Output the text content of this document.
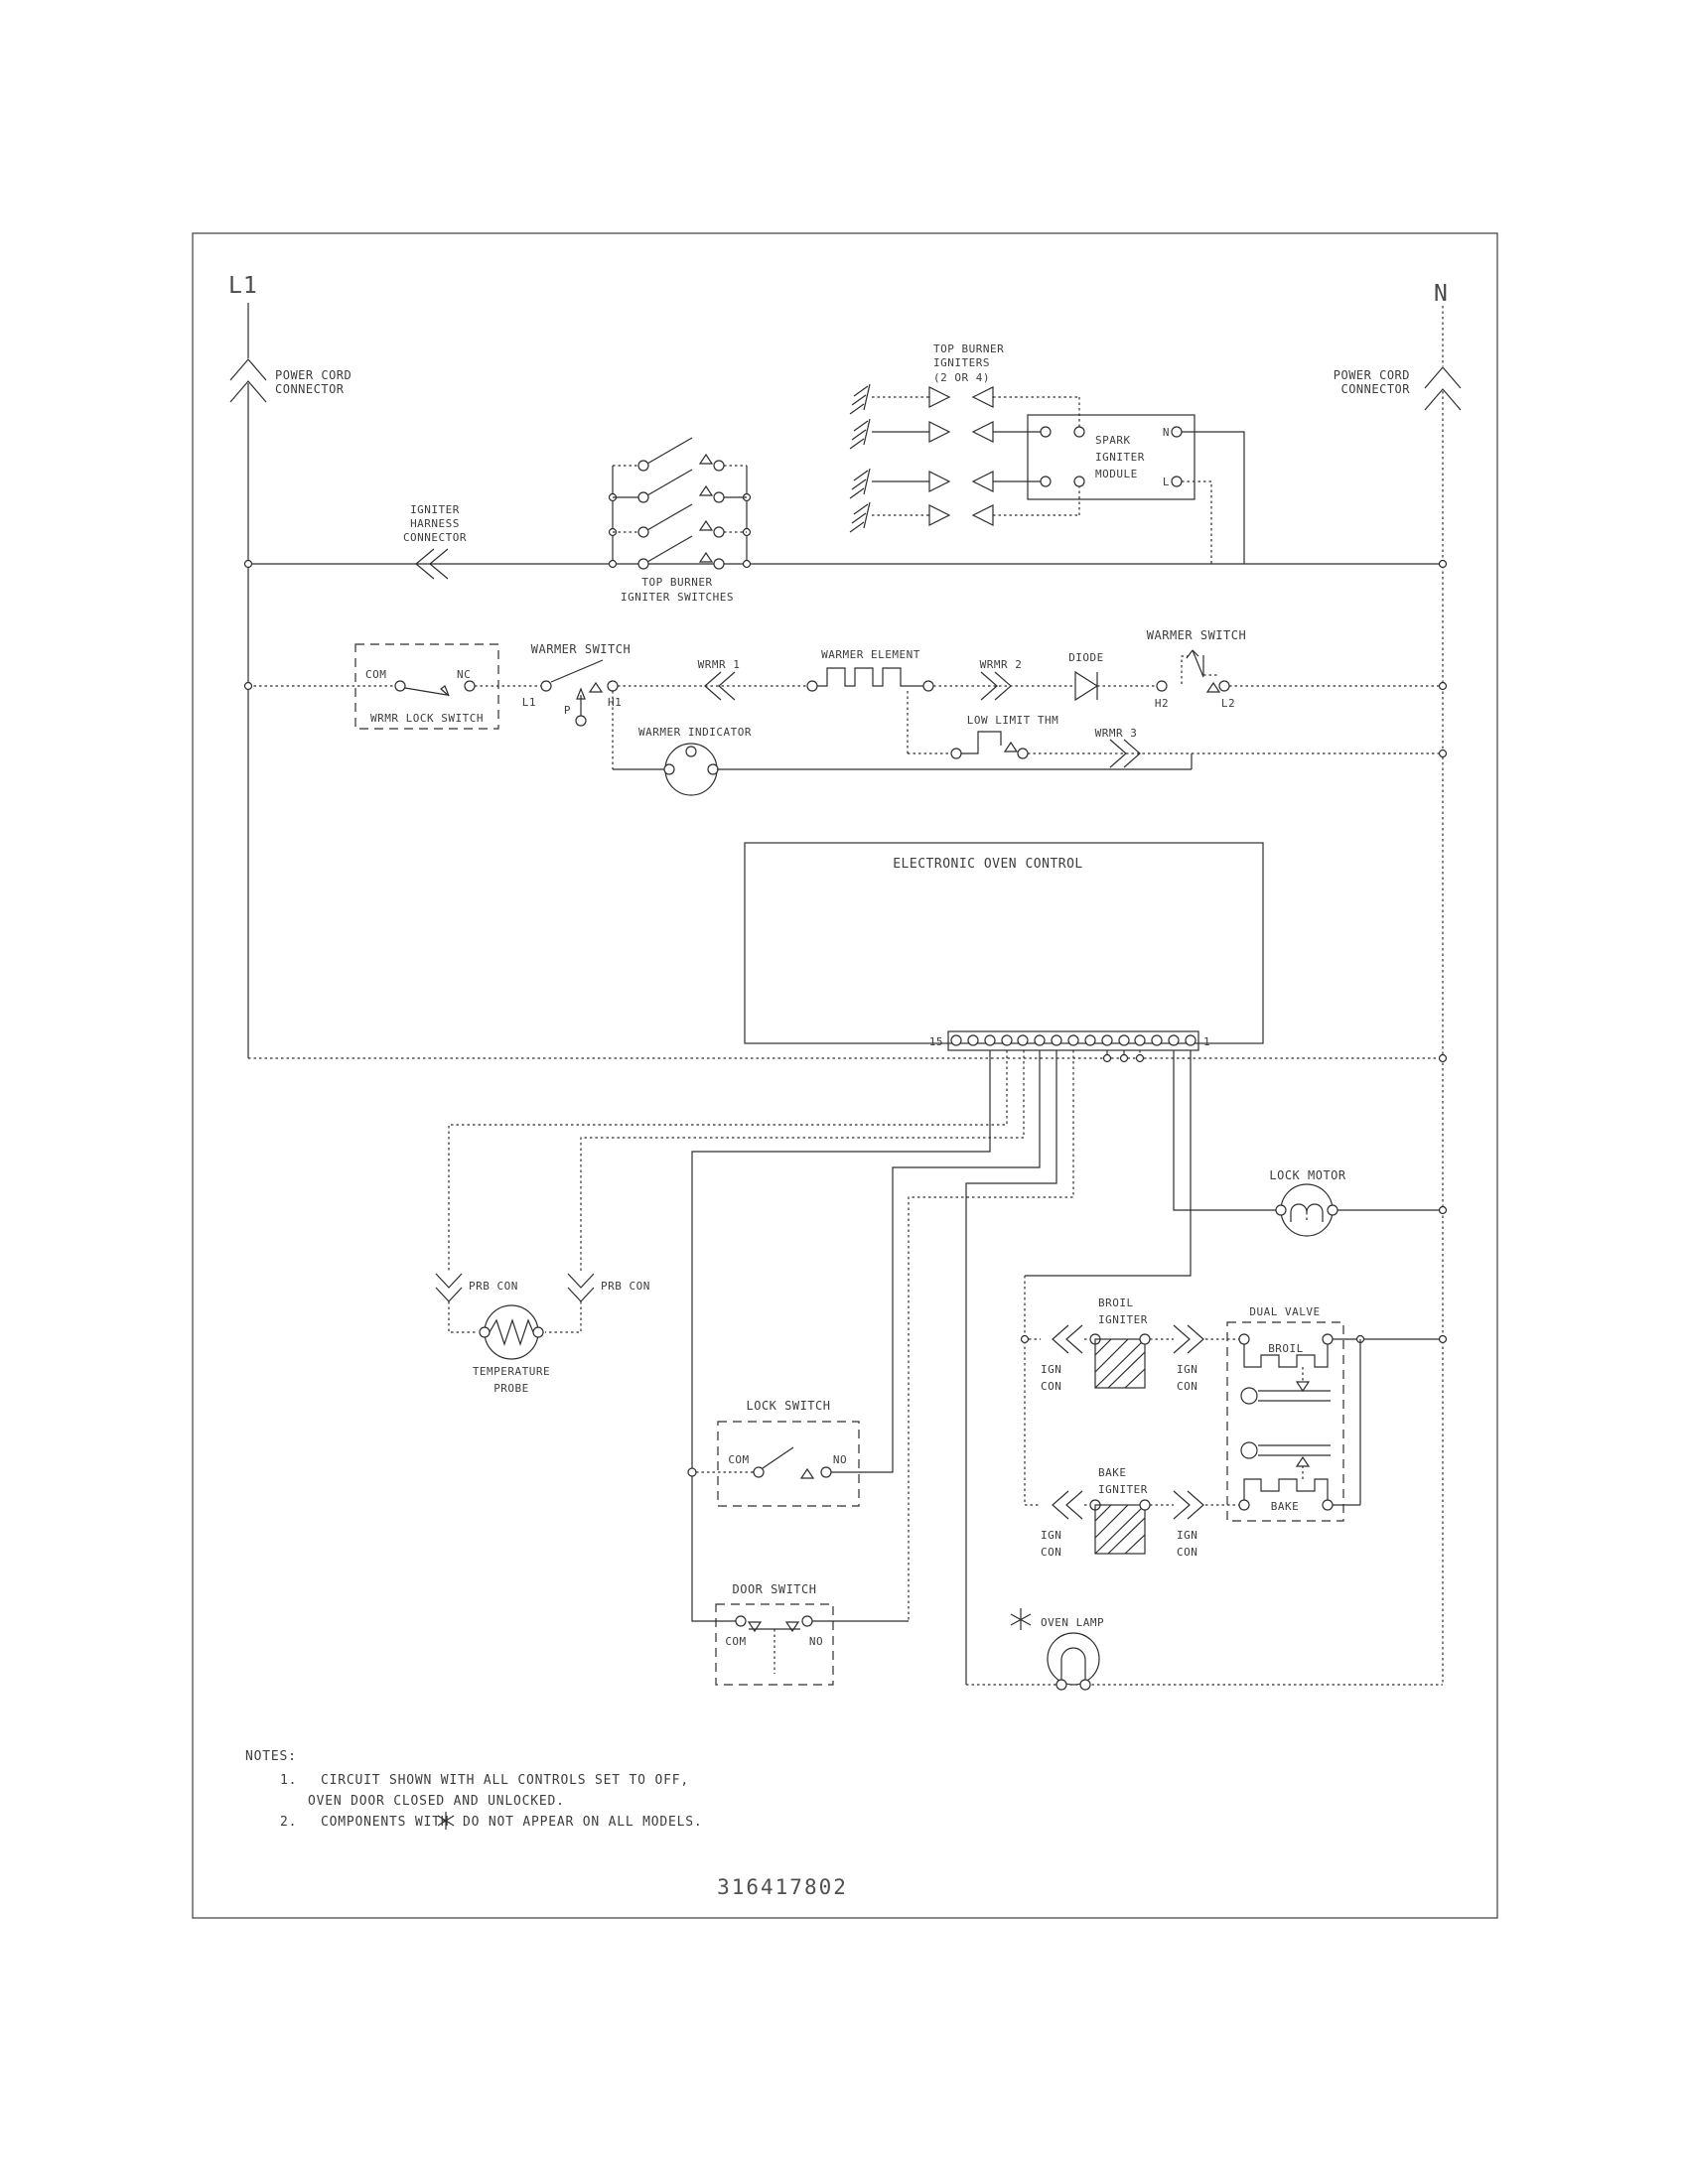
L1
POWER CORD
CONNECTOR
N
POWER CORD
CONNECTOR
IGNITER
HARNESS
CONNECTOR
TOP BURNER
IGNITER SWITCHES
TOP BURNER
IGNITERS
(2 OR 4)
SPARK
IGNITER
MODULE
N
L
COM	NC
WRMR LOCK SWITCH
WARMER SWITCH
L1
P
H1
WRMR 1
WARMER ELEMENT
WRMR 2
DIODE
H2
WARMER SWITCH
L2
WARMER INDICATOR
LOW LIMIT THM
WRMR 3
ELECTRONIC OVEN CONTROL
15	1
PRB CON	PRB CON
TEMPERATURE
PROBE
LOCK SWITCH
COM	NO
DOOR SWITCH
COM	NO
OVEN LAMP
BROIL
IGNITER
IGN
CON
IGN
CON
DUAL VALVE
BROIL
BAKE
BAKE
IGNITER
IGN
CON
IGN
CON
LOCK MOTOR
NOTES:
1. CIRCUIT SHOWN WITH ALL CONTROLS SET TO OFF,
OVEN DOOR CLOSED AND UNLOCKED.
2. COMPONENTS WITH DO NOT APPEAR ON ALL MODELS.
316417802
